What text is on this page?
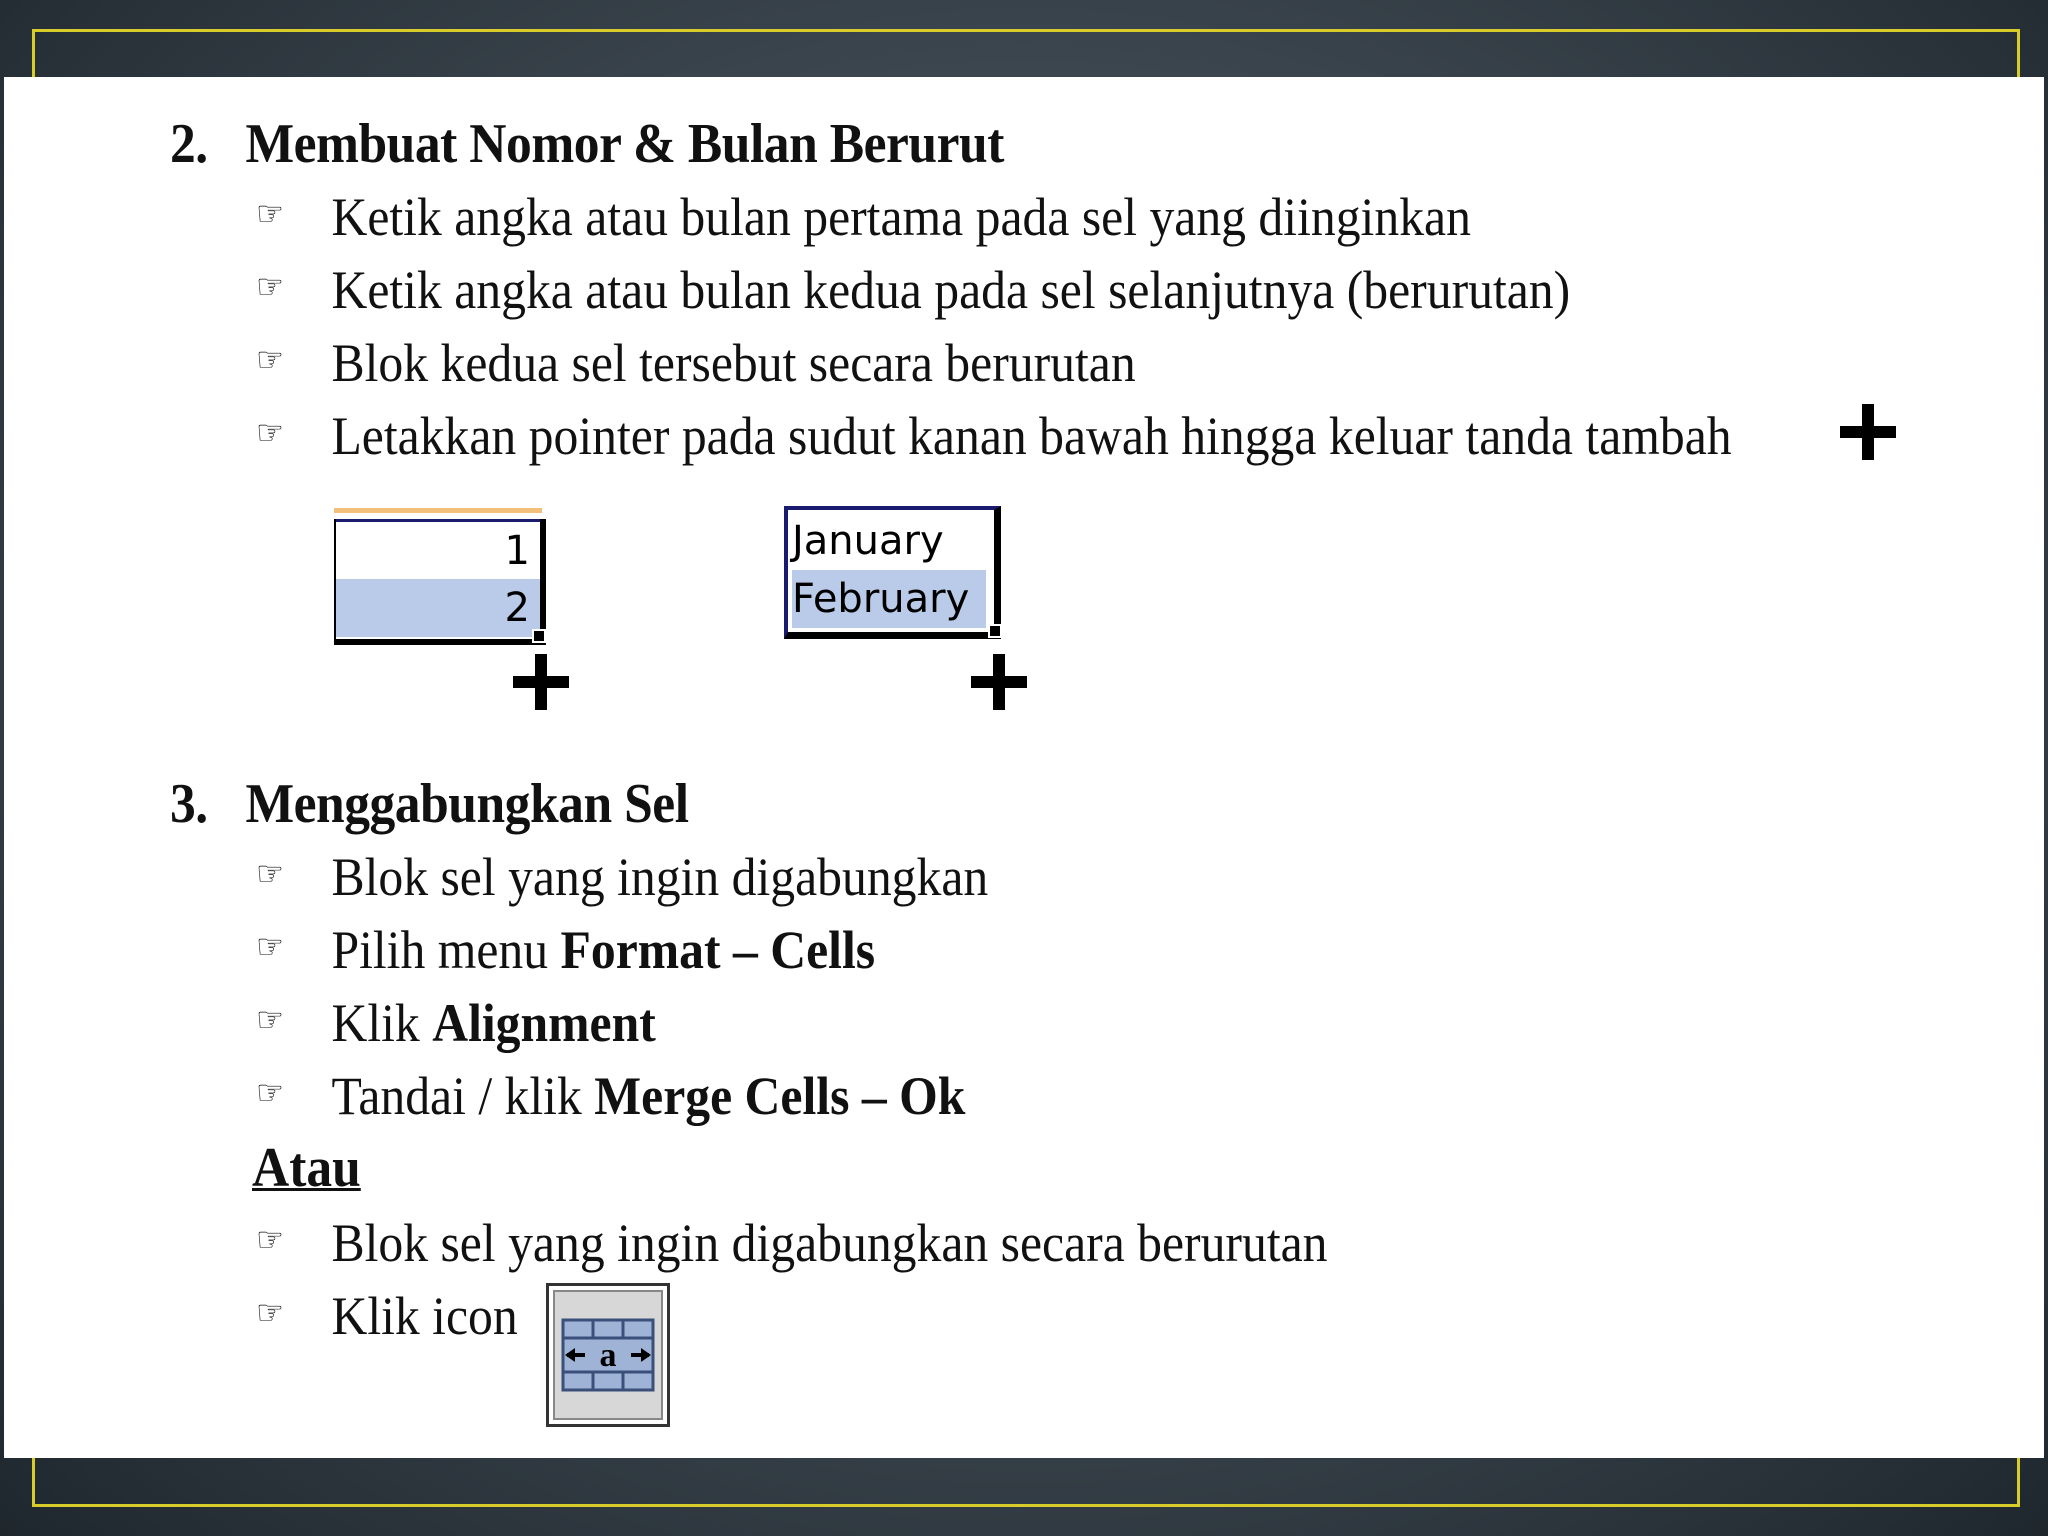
2. Membuat Nomor & Bulan Berurut
☞ Ketik angka atau bulan pertama pada sel yang diinginkan
☞ Ketik angka atau bulan kedua pada sel selanjutnya (berurutan)
☞ Blok kedua sel tersebut secara berurutan
☞ Letakkan pointer pada sudut kanan bawah hingga keluar tanda tambah
1
2
January
February
3. Menggabungkan Sel
☞ Blok sel yang ingin digabungkan
☞ Pilih menu Format – Cells
☞ Klik Alignment
☞ Tandai / klik Merge Cells – Ok
Atau
☞ Blok sel yang ingin digabungkan secara berurutan
☞ Klik icon
a
